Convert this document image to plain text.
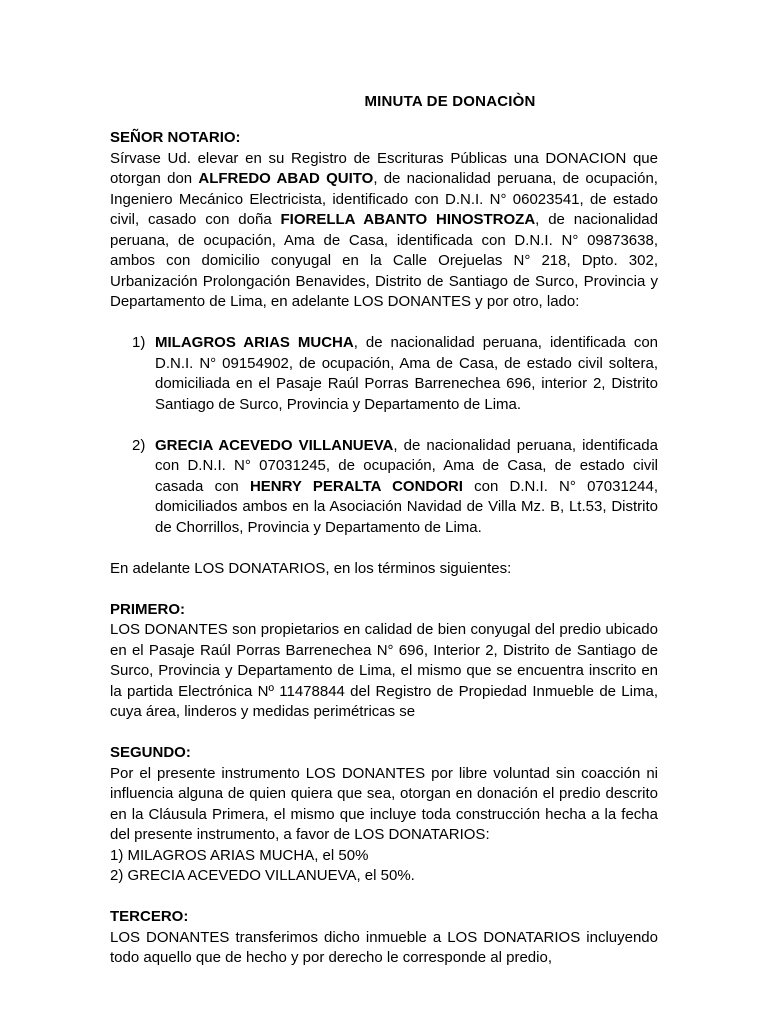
MINUTA DE DONACIÒN

SEÑOR NOTARIO:

Sírvase Ud. elevar en su Registro de Escrituras Públicas una DONACION que otorgan don ALFREDO ABAD QUITO, de nacionalidad peruana, de ocupación, Ingeniero Mecánico Electricista, identificado con D.N.I. N° 06023541, de estado civil, casado con doña FIORELLA ABANTO HINOSTROZA, de nacionalidad peruana, de ocupación, Ama de Casa, identificada con D.N.I. N° 09873638, ambos con domicilio conyugal en la Calle Orejuelas N° 218, Dpto. 302, Urbanización Prolongación Benavides, Distrito de Santiago de Surco, Provincia y Departamento de Lima, en adelante LOS DONANTES y por otro, lado:

1) MILAGROS ARIAS MUCHA, de nacionalidad peruana, identificada con D.N.I. N° 09154902, de ocupación, Ama de Casa, de estado civil soltera, domiciliada en el Pasaje Raúl Porras Barrenechea 696, interior 2, Distrito Santiago de Surco, Provincia y Departamento de Lima.
2) GRECIA ACEVEDO VILLANUEVA, de nacionalidad peruana, identificada con D.N.I. N° 07031245, de ocupación, Ama de Casa, de estado civil casada con HENRY PERALTA CONDORI con D.N.I. N° 07031244, domiciliados ambos en la Asociación Navidad de Villa Mz. B, Lt.53, Distrito de Chorrillos, Provincia y Departamento de Lima.

En adelante LOS DONATARIOS, en los términos siguientes:

PRIMERO:

LOS DONANTES son propietarios en calidad de bien conyugal del predio ubicado en el Pasaje Raúl Porras Barrenechea N° 696, Interior 2, Distrito de Santiago de Surco, Provincia y Departamento de Lima, el mismo que se encuentra inscrito en la partida Electrónica Nº 11478844 del Registro de Propiedad Inmueble de Lima, cuya área, linderos y medidas perimétricas se

SEGUNDO:

Por el presente instrumento LOS DONANTES por libre voluntad sin coacción ni influencia alguna de quien quiera que sea, otorgan en donación el predio descrito en la Cláusula Primera, el mismo que incluye toda construcción hecha a la fecha del presente instrumento, a favor de LOS DONATARIOS:

1) MILAGROS ARIAS MUCHA, el 50%

2) GRECIA ACEVEDO VILLANUEVA, el 50%.

TERCERO:

LOS DONANTES transferimos dicho inmueble a LOS DONATARIOS incluyendo todo aquello que de hecho y por derecho le corresponde al predio,
